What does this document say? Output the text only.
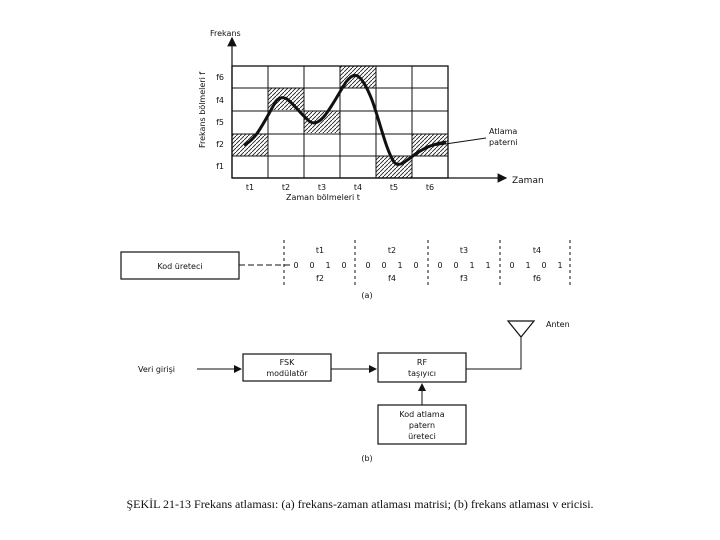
Frekans
Frekans bölmeleri f
Zaman
Zaman bölmeleri t
Atlama
paterni
f6
f4
f5
f2
f1
t1	t2	t3	t4	t5	t6
Kod üreteci
t1
0 0 1 0
f2
t2
0 0 1 0
f4
t3
0 0 1 1
f3
t4
0 1 0 1
f6
(a)
Veri girişi
FSK
modülatör
RF
taşıyıcı
Kod atlama
patern
üreteci
Anten
(b)
ŞEKİL 21-13 Frekans atlaması: (a) frekans-zaman atlaması matrisi; (b) frekans atlaması v ericisi.
